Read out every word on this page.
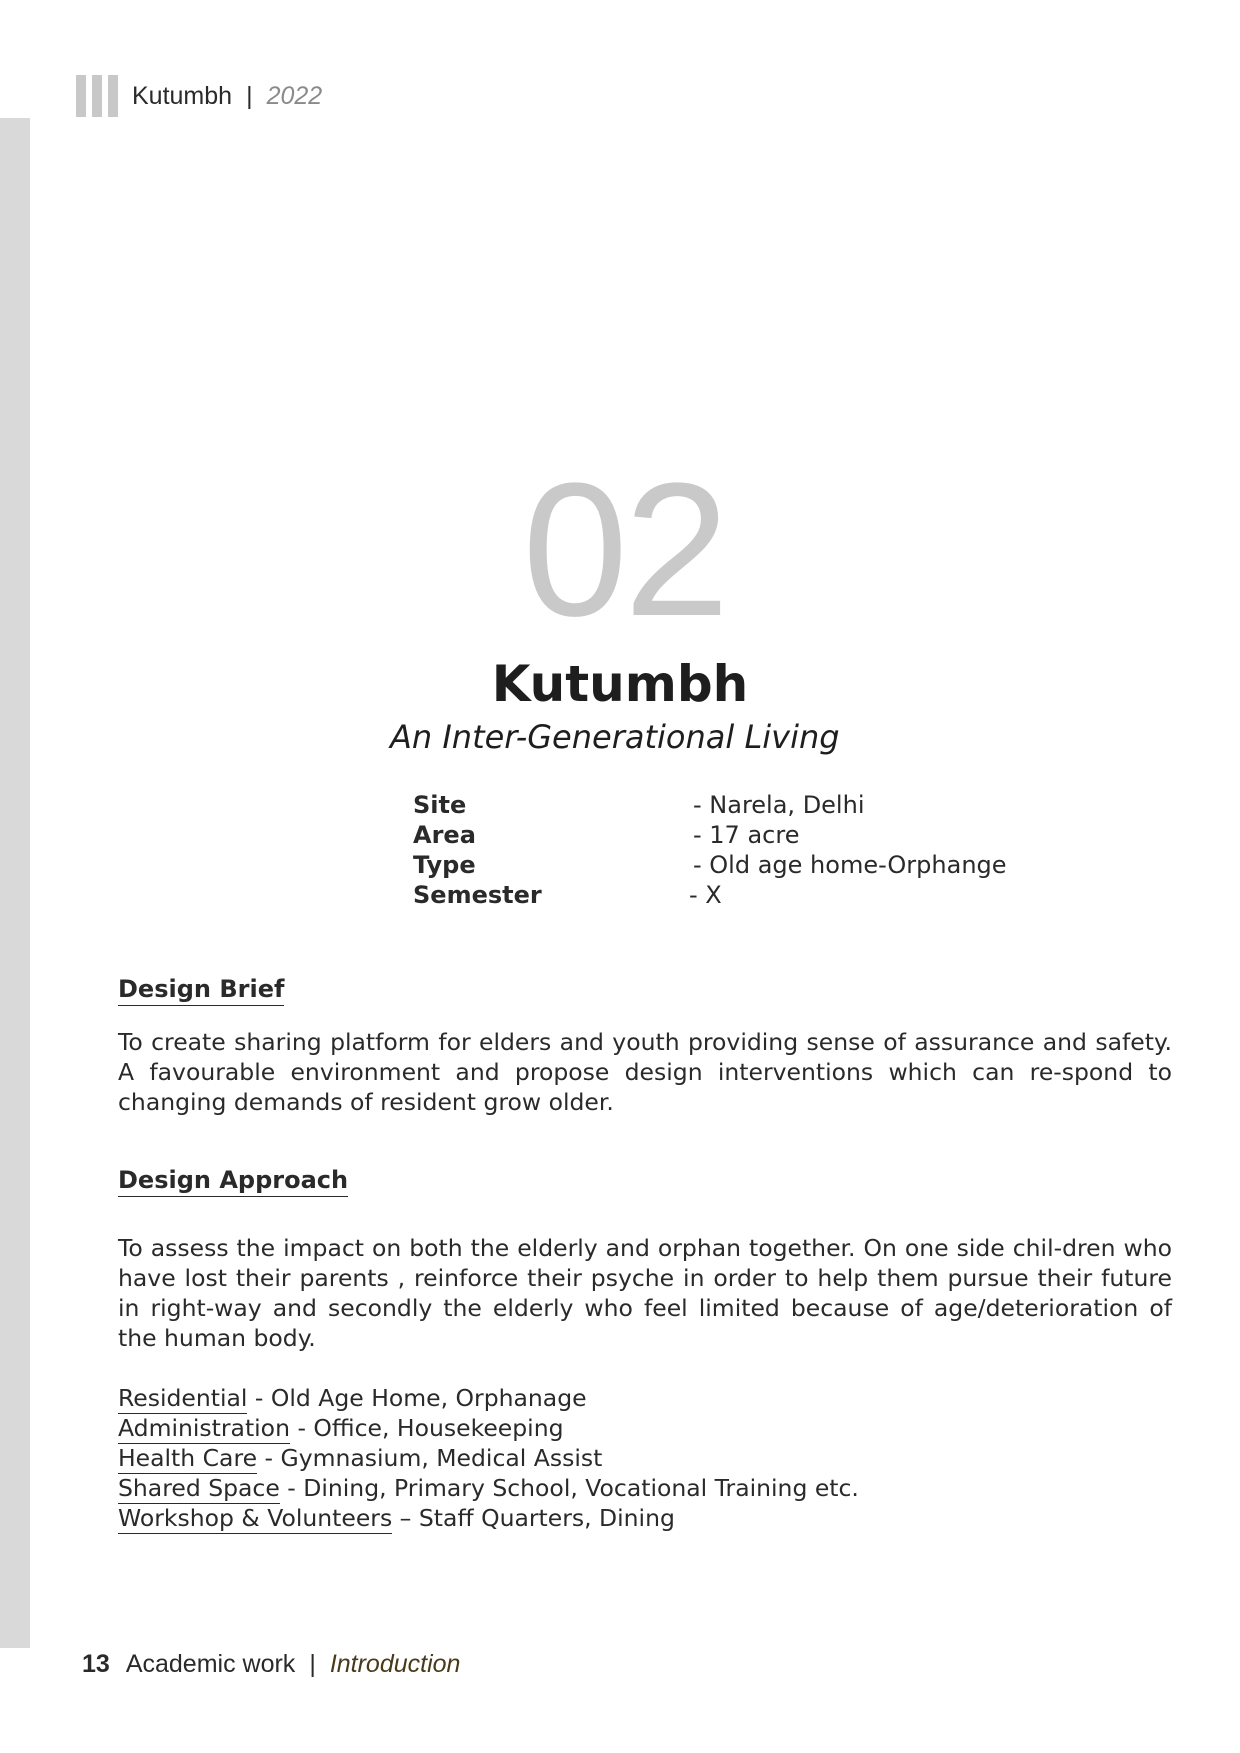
Kutumbh | 2022
02
Kutumbh
An Inter-Generational Living
Site	- Narela, Delhi
Area	- 17 acre
Type	- Old age home-Orphange
Semester	- X
Design Brief

To create sharing platform for elders and youth providing sense of assurance and safety. A favourable environment and propose design interventions which can re-spond to changing demands of resident grow older.

Design Approach

To assess the impact on both the elderly and orphan together. On one side chil-dren who have lost their parents , reinforce their psyche in order to help them pursue their future in right-way and secondly the elderly who feel limited because of age/deterioration of the human body.

Residential - Old Age Home, Orphanage
Administration - Office, Housekeeping
Health Care - Gymnasium, Medical Assist
Shared Space - Dining, Primary School, Vocational Training etc.
Workshop & Volunteers – Staff Quarters, Dining
13 Academic work | Introduction
